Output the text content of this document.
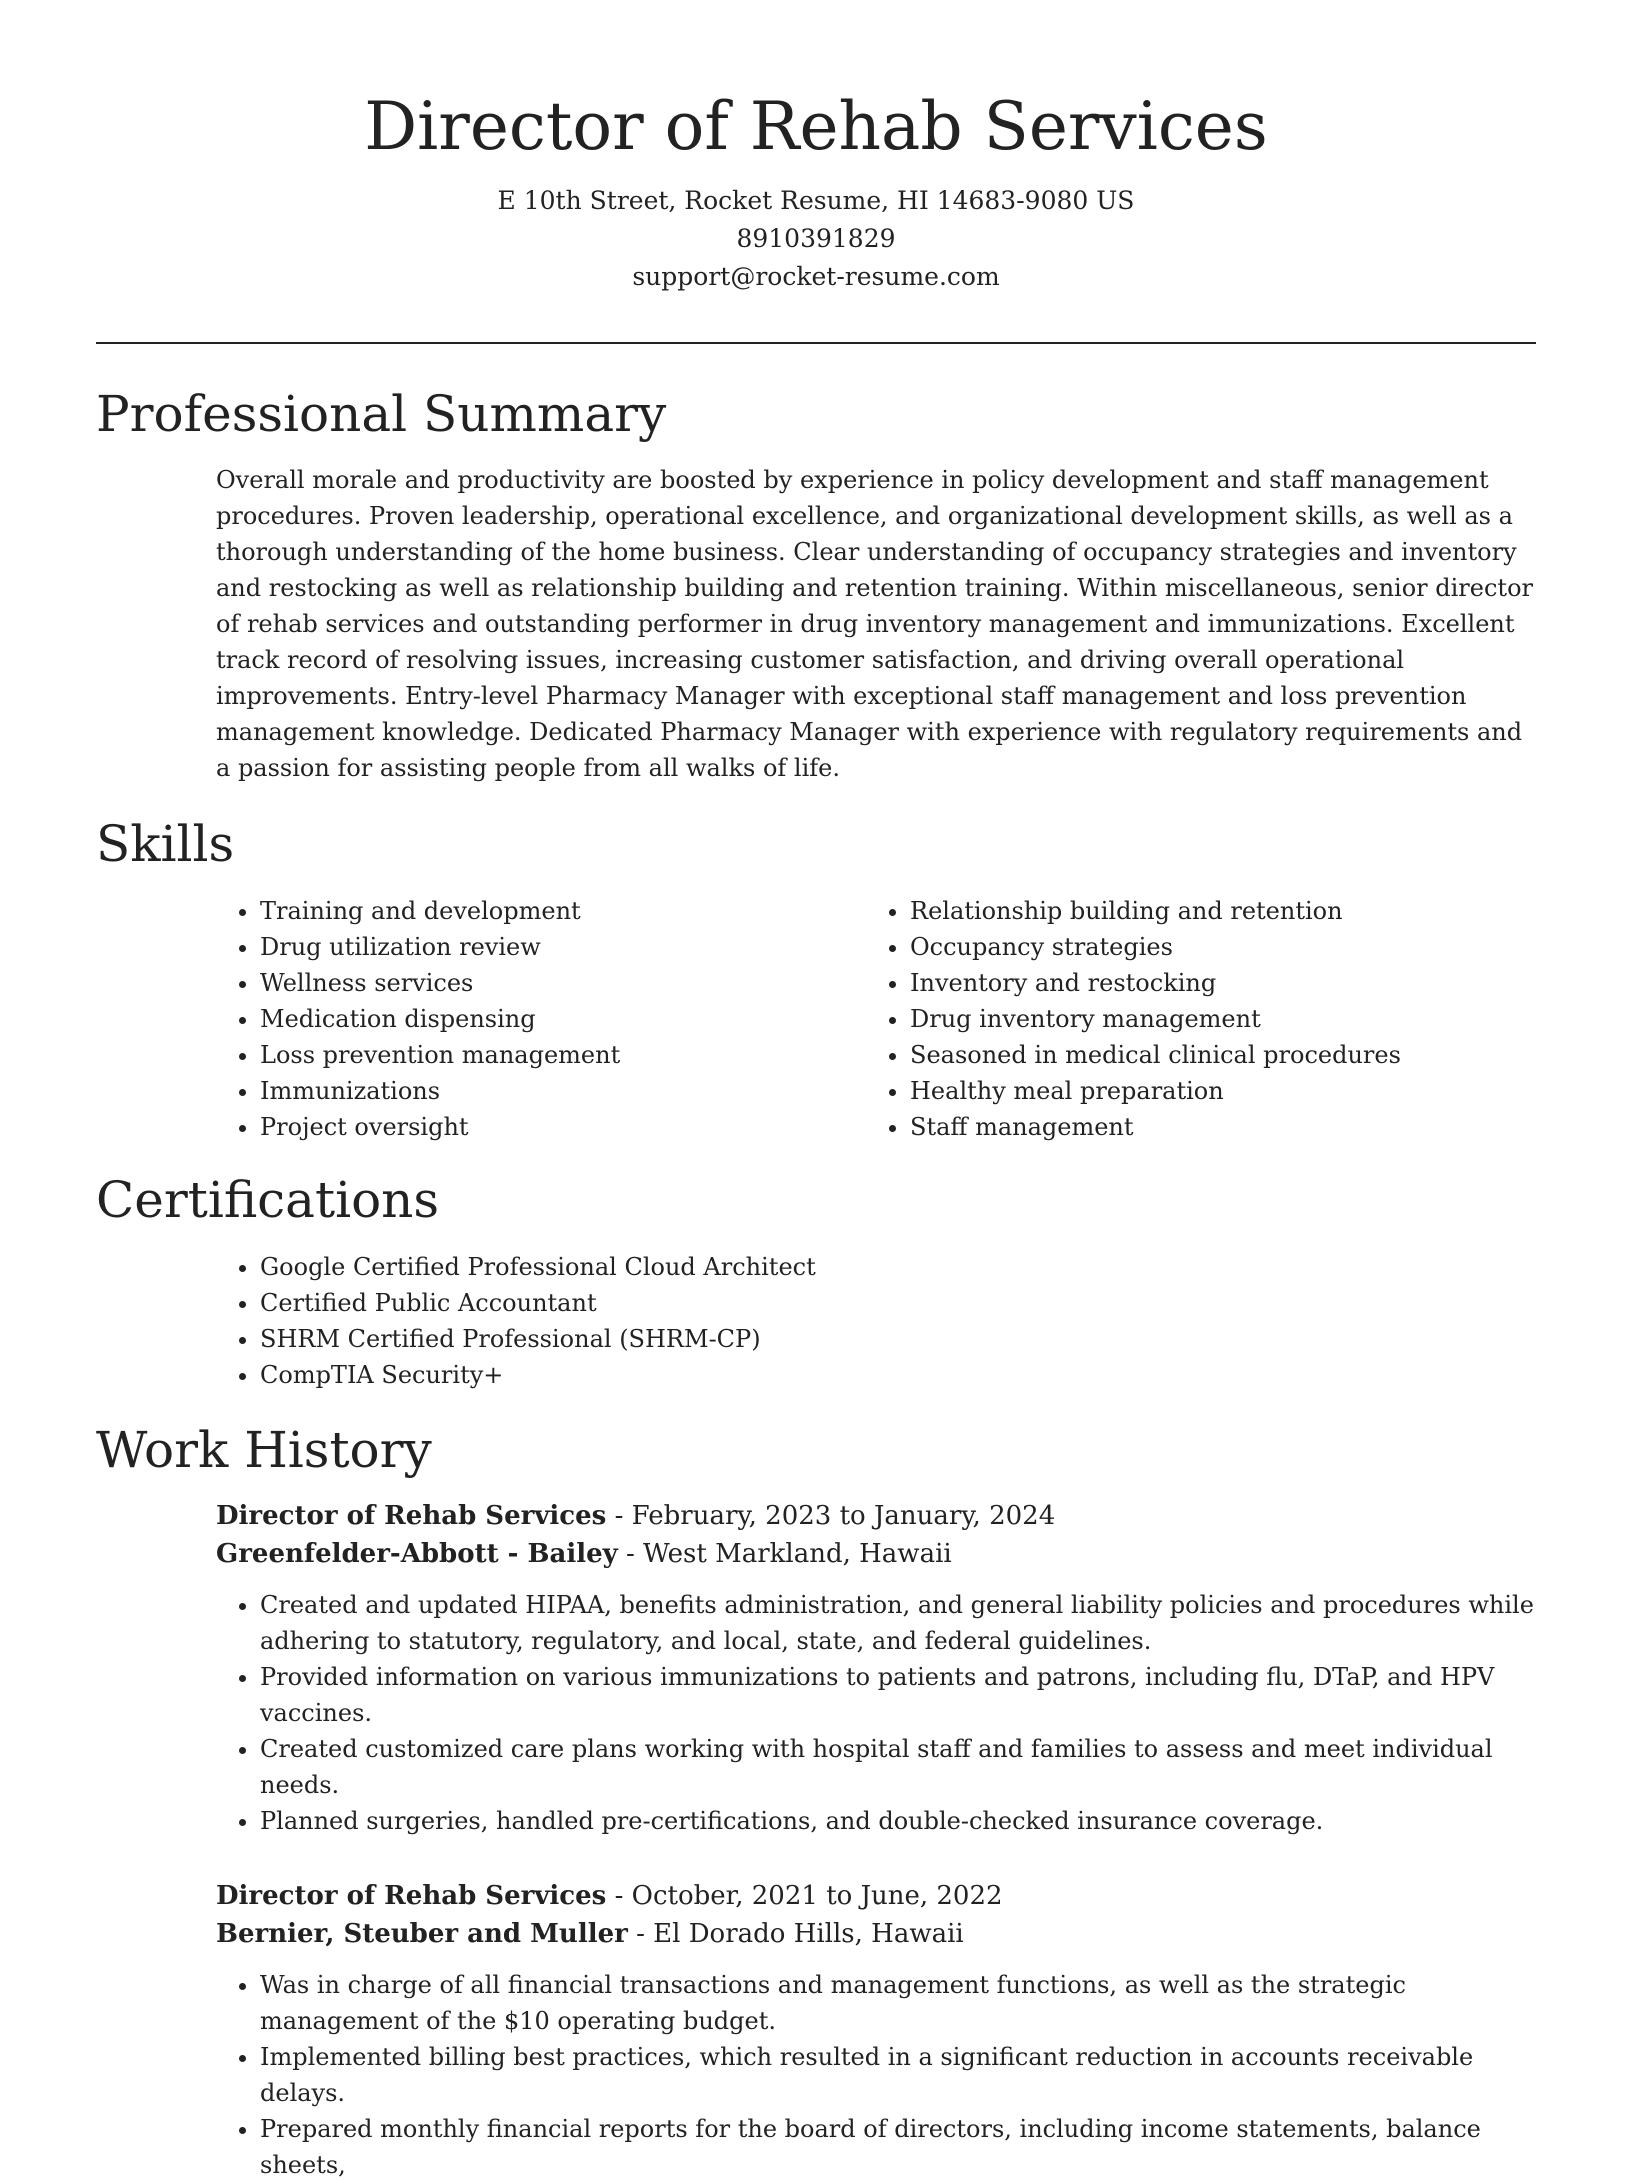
Director of Rehab Services
E 10th Street, Rocket Resume, HI 14683-9080 US
8910391829
support@rocket-resume.com
Professional Summary

Overall morale and productivity are boosted by experience in policy development and staff management procedures. Proven leadership, operational excellence, and organizational development skills, as well as a thorough understanding of the home business. Clear understanding of occupancy strategies and inventory and restocking as well as relationship building and retention training. Within miscellaneous, senior director of rehab services and outstanding performer in drug inventory management and immunizations. Excellent track record of resolving issues, increasing customer satisfaction, and driving overall operational improvements. Entry-level Pharmacy Manager with exceptional staff management and loss prevention management knowledge. Dedicated Pharmacy Manager with experience with regulatory requirements and a passion for assisting people from all walks of life.

Skills
• Training and development
• Drug utilization review
• Wellness services
• Medication dispensing
• Loss prevention management
• Immunizations
• Project oversight
• Relationship building and retention
• Occupancy strategies
• Inventory and restocking
• Drug inventory management
• Seasoned in medical clinical procedures
• Healthy meal preparation
• Staff management
Certifications
• Google Certified Professional Cloud Architect
• Certified Public Accountant
• SHRM Certified Professional (SHRM-CP)
• CompTIA Security+
Work History
Director of Rehab Services - February, 2023 to January, 2024
Greenfelder-Abbott - Bailey - West Markland, Hawaii
• Created and updated HIPAA, benefits administration, and general liability policies and procedures while adhering to statutory, regulatory, and local, state, and federal guidelines.
• Provided information on various immunizations to patients and patrons, including flu, DTaP, and HPV vaccines.
• Created customized care plans working with hospital staff and families to assess and meet individual needs.
• Planned surgeries, handled pre-certifications, and double-checked insurance coverage.
Director of Rehab Services - October, 2021 to June, 2022
Bernier, Steuber and Muller - El Dorado Hills, Hawaii
• Was in charge of all financial transactions and management functions, as well as the strategic management of the $10 operating budget.
• Implemented billing best practices, which resulted in a significant reduction in accounts receivable delays.
• Prepared monthly financial reports for the board of directors, including income statements, balance sheets,
